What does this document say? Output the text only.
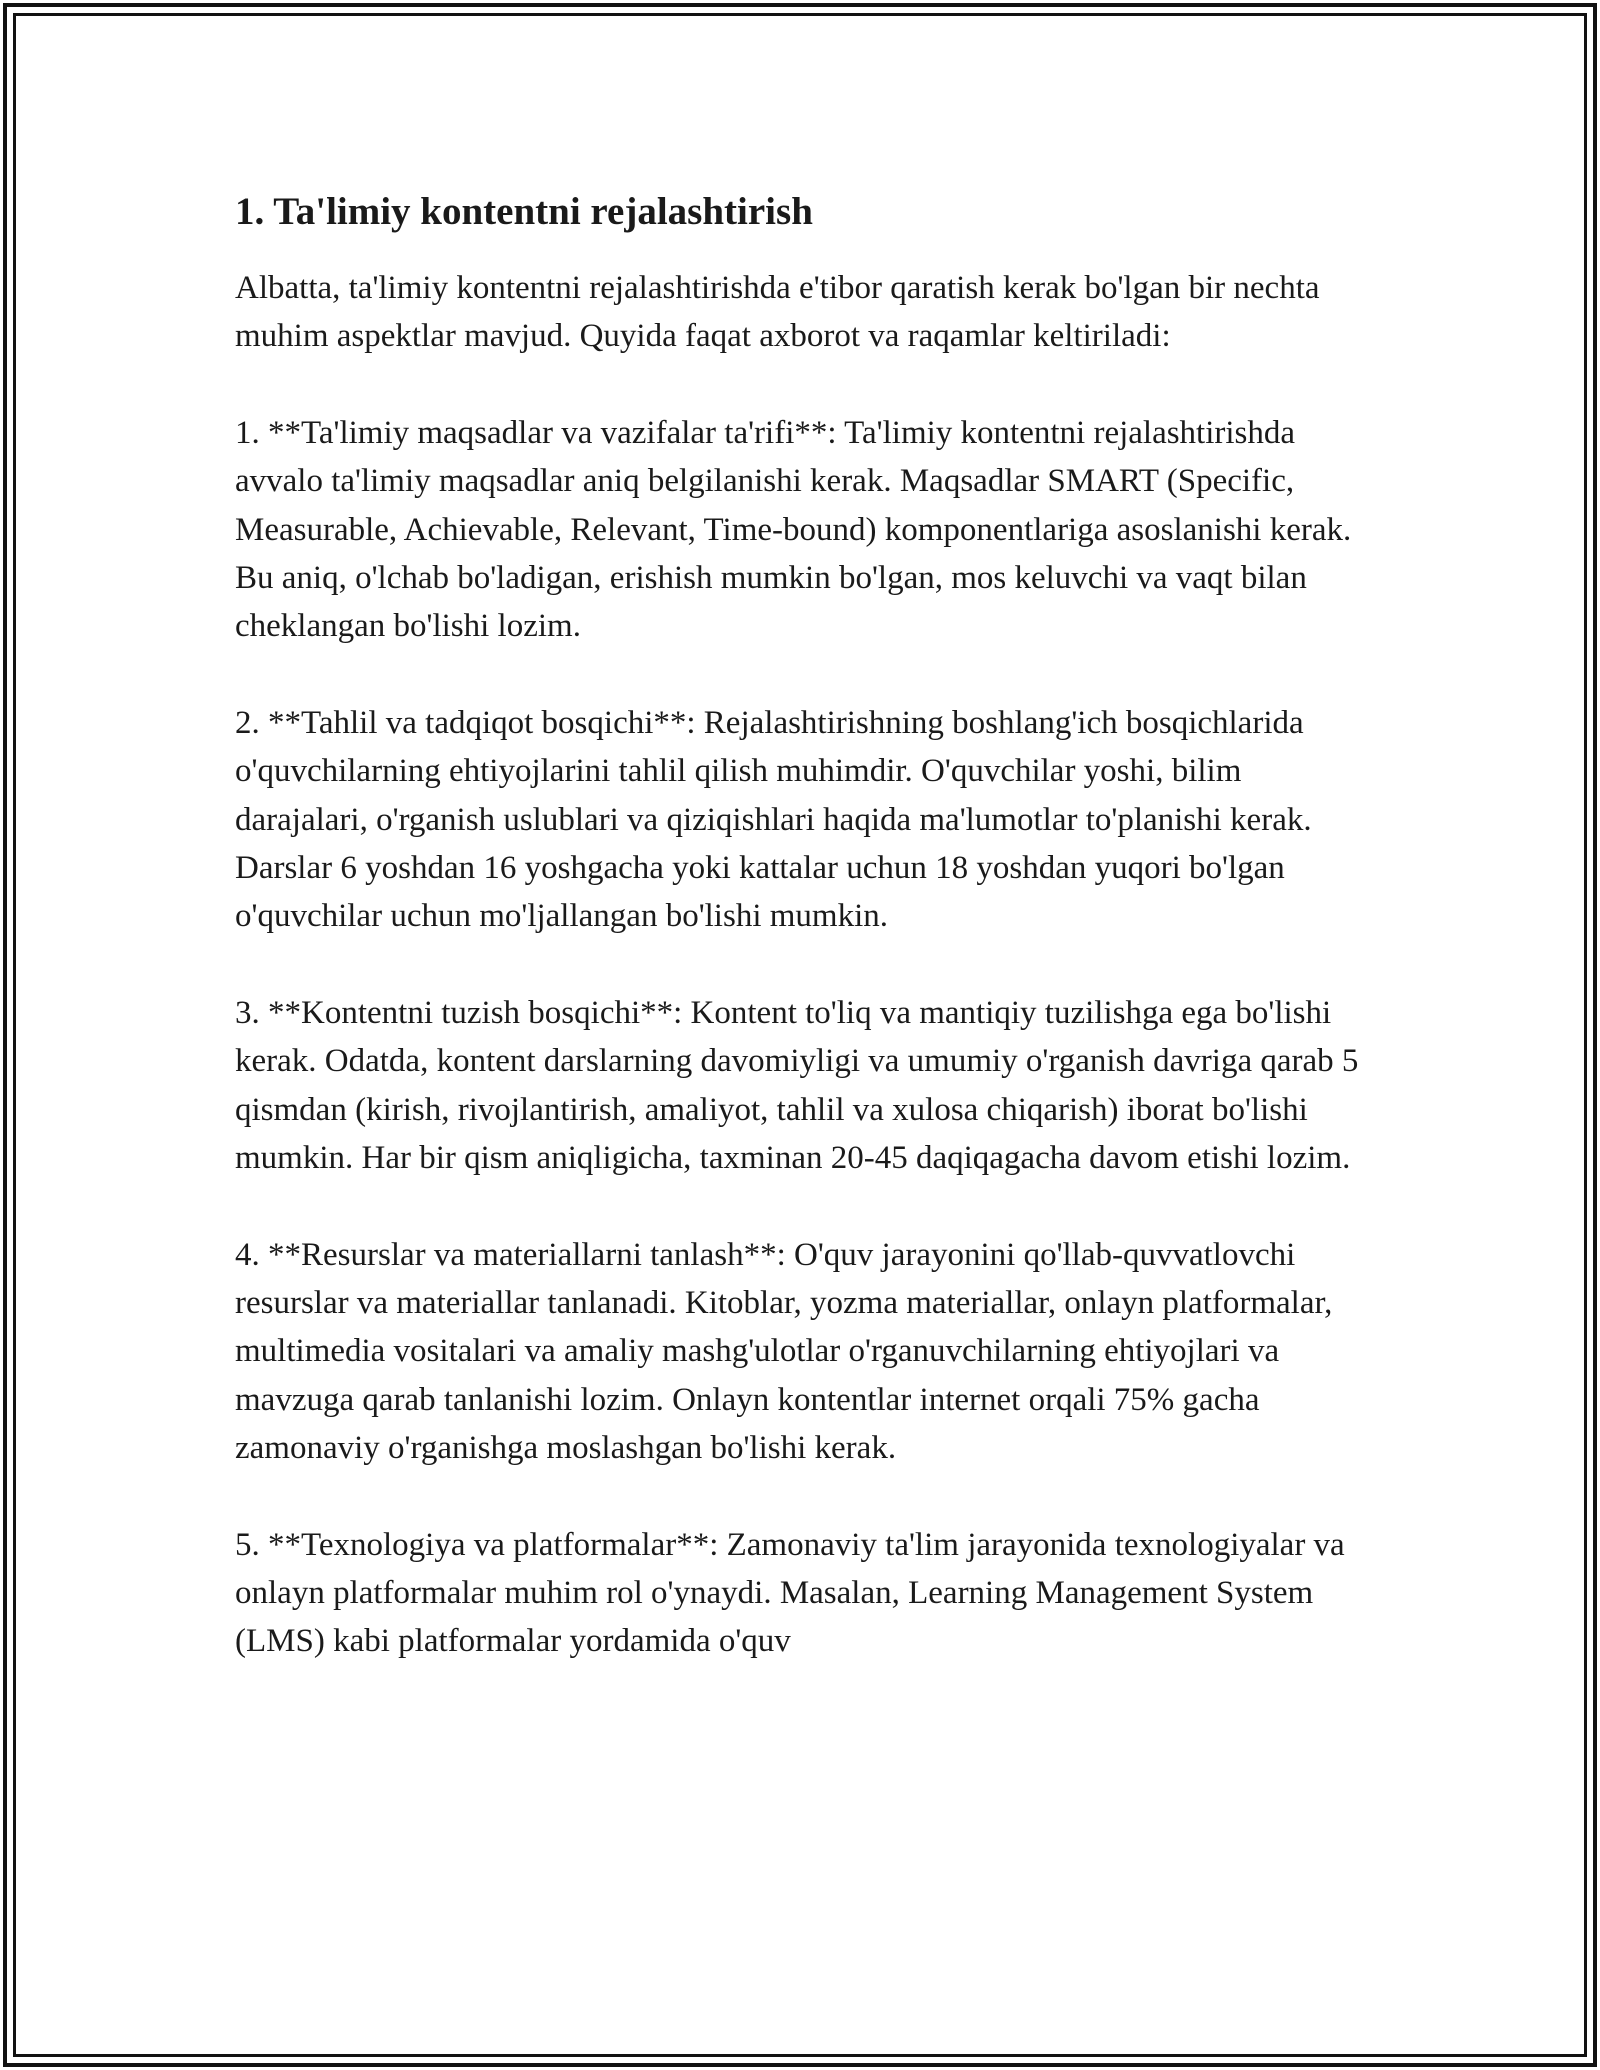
1. Ta'limiy kontentni rejalashtirish

Albatta, ta'limiy kontentni rejalashtirishda e'tibor qaratish kerak bo'lgan bir nechta muhim aspektlar mavjud. Quyida faqat axborot va raqamlar keltiriladi:

1. **Ta'limiy maqsadlar va vazifalar ta'rifi**: Ta'limiy kontentni rejalashtirishda avvalo ta'limiy maqsadlar aniq belgilanishi kerak. Maqsadlar SMART (Specific, Measurable, Achievable, Relevant, Time-bound) komponentlariga asoslanishi kerak. Bu aniq, o'lchab bo'ladigan, erishish mumkin bo'lgan, mos keluvchi va vaqt bilan cheklangan bo'lishi lozim.

2. **Tahlil va tadqiqot bosqichi**: Rejalashtirishning boshlang'ich bosqichlarida o'quvchilarning ehtiyojlarini tahlil qilish muhimdir. O'quvchilar yoshi, bilim darajalari, o'rganish uslublari va qiziqishlari haqida ma'lumotlar to'planishi kerak. Darslar 6 yoshdan 16 yoshgacha yoki kattalar uchun 18 yoshdan yuqori bo'lgan o'quvchilar uchun mo'ljallangan bo'lishi mumkin.

3. **Kontentni tuzish bosqichi**: Kontent to'liq va mantiqiy tuzilishga ega bo'lishi kerak. Odatda, kontent darslarning davomiyligi va umumiy o'rganish davriga qarab 5 qismdan (kirish, rivojlantirish, amaliyot, tahlil va xulosa chiqarish) iborat bo'lishi mumkin. Har bir qism aniqligicha, taxminan 20-45 daqiqagacha davom etishi lozim.

4. **Resurslar va materiallarni tanlash**: O'quv jarayonini qo'llab-quvvatlovchi resurslar va materiallar tanlanadi. Kitoblar, yozma materiallar, onlayn platformalar, multimedia vositalari va amaliy mashg'ulotlar o'rganuvchilarning ehtiyojlari va mavzuga qarab tanlanishi lozim. Onlayn kontentlar internet orqali 75% gacha zamonaviy o'rganishga moslashgan bo'lishi kerak.

5. **Texnologiya va platformalar**: Zamonaviy ta'lim jarayonida texnologiyalar va onlayn platformalar muhim rol o'ynaydi. Masalan, Learning Management System (LMS) kabi platformalar yordamida o'quv
